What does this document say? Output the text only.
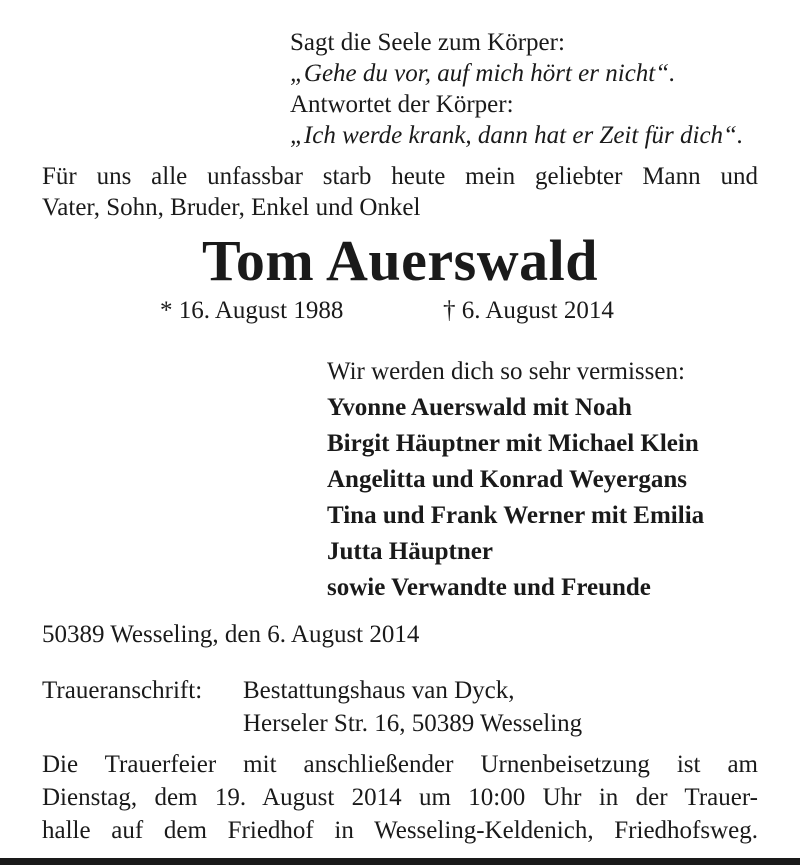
Sagt die Seele zum Körper:
„Gehe du vor, auf mich hört er nicht“.
Antwortet der Körper:
„Ich werde krank, dann hat er Zeit für dich“.
Für uns alle unfassbar starb heute mein geliebter Mann und
Vater, Sohn, Bruder, Enkel und Onkel
Tom Auerswald
* 16. August 1988	† 6. August 2014
Wir werden dich so sehr vermissen:
Yvonne Auerswald mit Noah
Birgit Häuptner mit Michael Klein
Angelitta und Konrad Weyergans
Tina und Frank Werner mit Emilia
Jutta Häuptner
sowie Verwandte und Freunde
50389 Wesseling, den 6. August 2014
Traueranschrift: Bestattungshaus van Dyck,
Herseler Str. 16, 50389 Wesseling
Die Trauerfeier mit anschließender Urnenbeisetzung ist am
Dienstag, dem 19. August 2014 um 10:00 Uhr in der Trauer-
halle auf dem Friedhof in Wesseling-Keldenich, Friedhofsweg.
